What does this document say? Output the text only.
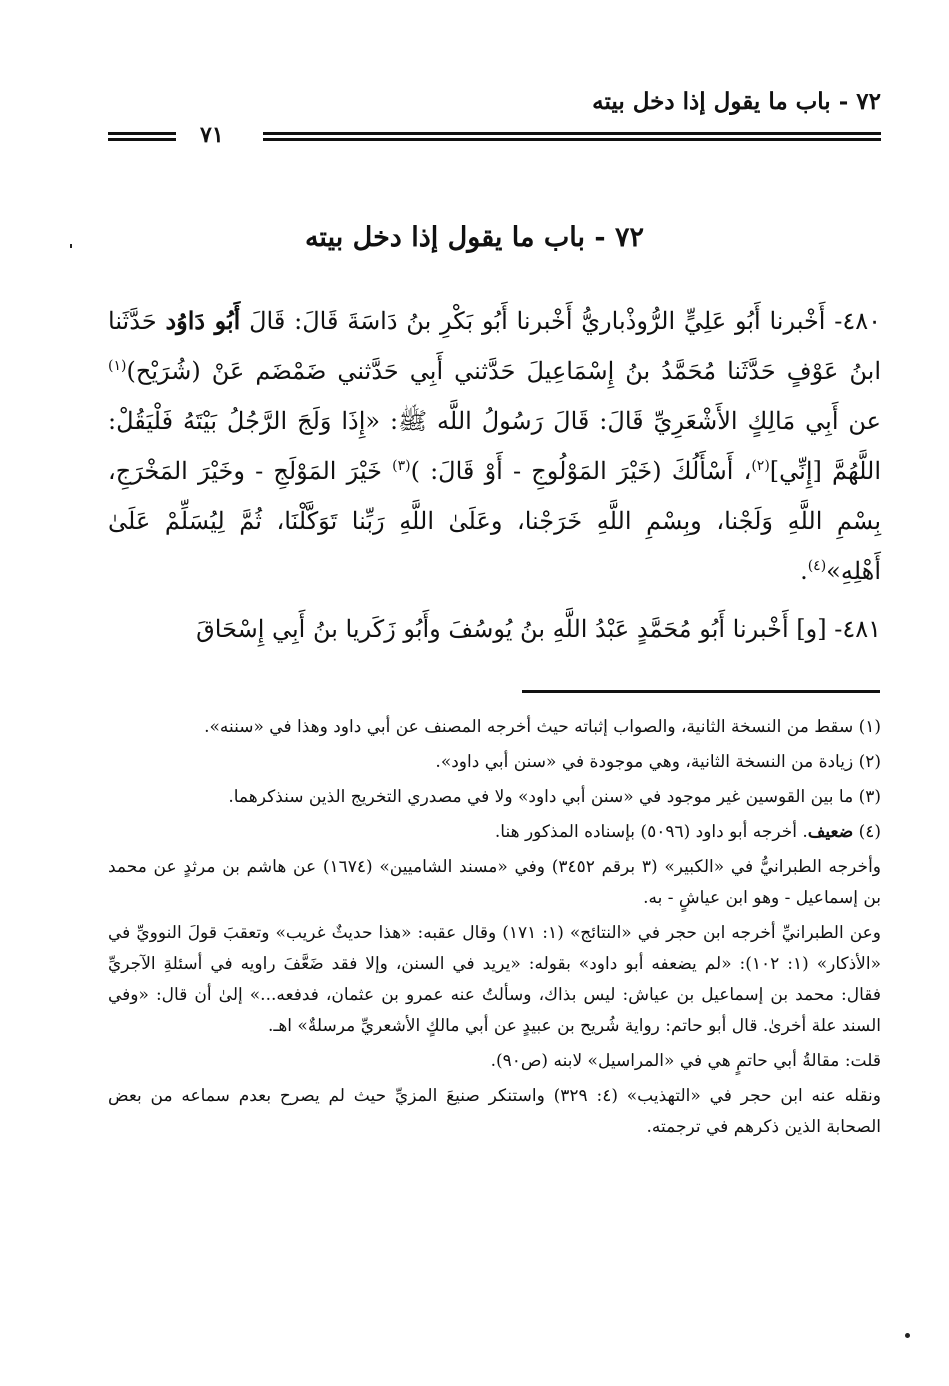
٧٢ - باب ما يقول إذا دخل بيته
٧١
٧٢ - باب ما يقول إذا دخل بيته

٤٨٠- أَخْبرنا أَبُو عَلِيٍّ الرُّوذْباريُّ أَخْبرنا أَبُو بَكْرِ بنُ دَاسَةَ قَالَ: قَالَ أَبُو دَاوُد حَدَّثَنا ابنُ عَوْفٍ حَدَّثَنا مُحَمَّدُ بنُ إِسْمَاعِيلَ حَدَّثني أَبِي حَدَّثني ضَمْضَم عَنْ (شُرَيْح)$^{(١)}$ عن أَبِي مَالِكٍ الأَشْعَرِيِّ قَالَ: قَالَ رَسُولُ اللَّه ﷺ: «إِذَا وَلَجَ الرَّجُلُ بَيْتَهُ فَلْيَقُلْ: اللَّهُمَّ [إِنِّي]$^{(٢)}$، أَسْأَلُكَ (خَيْرَ المَوْلُوجِ - أَوْ قَالَ: )$^{(٣)}$ خَيْرَ المَوْلَجِ - وخَيْرَ المَخْرَجِ، بِسْمِ اللَّهِ وَلَجْنا، وبِسْمِ اللَّهِ خَرَجْنا، وعَلَىٰ اللَّهِ رَبِّنا تَوَكَّلْنَا، ثُمَّ لِيُسَلِّمْ عَلَىٰ أَهْلِهِ»$^{(٤)}$.

٤٨١- [و] أَخْبرنا أَبُو مُحَمَّدٍ عَبْدُ اللَّهِ بنُ يُوسُفَ وأَبُو زَكَريا بنُ أَبِي إِسْحَاقَ

(١) سقط من النسخة الثانية، والصواب إثباته حيث أخرجه المصنف عن أبي داود وهذا في «سننه».

(٢) زيادة من النسخة الثانية، وهي موجودة في «سنن أبي داود».

(٣) ما بين القوسين غير موجود في «سنن أبي داود» ولا في مصدري التخريج الذين سنذكرهما.

(٤) ضعيف. أخرجه أبو داود (٥٠٩٦) بإسناده المذكور هنا.

وأخرجه الطبرانيُّ في «الكبير» (٣ برقم ٣٤٥٢) وفي «مسند الشاميين» (١٦٧٤) عن هاشم بن مرثدٍ عن محمد بن إسماعيل - وهو ابن عياشٍ - به.

وعن الطبرانيِّ أخرجه ابن حجر في «النتائج» (١: ١٧١) وقال عقبه: «هذا حديثٌ غريب» وتعقبَ قولَ النوويِّ في «الأذكار» (١: ١٠٢): «لم يضعفه أبو داود» بقوله: «يريد في السنن، وإلا فقد ضَعَّفَ راويه في أسئلةِ الآجريِّ فقال: محمد بن إسماعيل بن عياش: ليس بذاك، وسألتُ عنه عمرو بن عثمان، فدفعه...» إلىٰ أن قال: «وفي السند علة أخرىٰ. قال أبو حاتم: رواية شُريح بن عبيدٍ عن أبي مالكٍ الأشعريِّ مرسلةٌ» اهـ.

قلت: مقالةُ أبي حاتمٍ هي في «المراسيل» لابنه (ص٩٠).

ونقله عنه ابن حجر في «التهذيب» (٤: ٣٢٩) واستنكر صنيعَ المزيِّ حيث لم يصرح بعدم سماعه من بعض الصحابة الذين ذكرهم في ترجمته.
